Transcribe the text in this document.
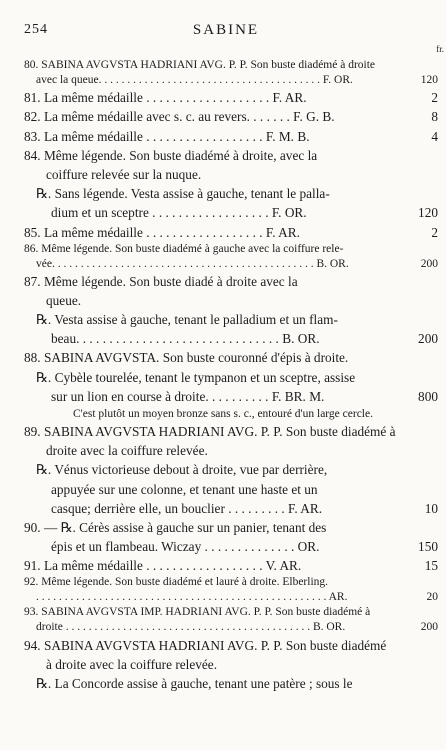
254	SABINE
fr.
80. SABINA AVGVSTA HADRIANI AVG. P. P. Son buste diadémé à droite
avec la queue. . . . . . . . . . . . . . . . . . . . . . . . . . . . . . . . . . . . . . . F. OR.	120
81. La même médaille . . . . . . . . . . . . . . . . . . . F. AR.	2
82. La même médaille avec s. c. au revers. . . . . . . F. G. B.	8
83. La même médaille . . . . . . . . . . . . . . . . . . F. M. B.	4
84. Même légende. Son buste diadémé à droite, avec la
coiffure relevée sur la nuque.
℞. Sans légende. Vesta assise à gauche, tenant le palla-
dium et un sceptre . . . . . . . . . . . . . . . . . . F. OR.	120
85. La même médaille . . . . . . . . . . . . . . . . . . F. AR.	2
86. Même légende. Son buste diadémé à gauche avec la coiffure rele-
vée. . . . . . . . . . . . . . . . . . . . . . . . . . . . . . . . . . . . . . . . . . . . . . B. OR.	200
87. Même légende. Son buste diadé à droite avec la
queue.
℞. Vesta assise à gauche, tenant le palladium et un flam-
beau. . . . . . . . . . . . . . . . . . . . . . . . . . . . . . . B. OR.	200
88. SABINA AVGVSTA. Son buste couronné d'épis à droite.
℞. Cybèle tourelée, tenant le tympanon et un sceptre, assise
sur un lion en course à droite. . . . . . . . . . F. BR. M.	800
C'est plutôt un moyen bronze sans s. c., entouré d'un large cercle.
89. SABINA AVGVSTA HADRIANI AVG. P. P. Son buste diadémé à
droite avec la coiffure relevée.
℞. Vénus victorieuse debout à droite, vue par derrière,
appuyée sur une colonne, et tenant une haste et un
casque; derrière elle, un bouclier . . . . . . . . . F. AR.	10
90. — ℞. Cérès assise à gauche sur un panier, tenant des
épis et un flambeau. Wiczay . . . . . . . . . . . . . . OR.	150
91. La même médaille . . . . . . . . . . . . . . . . . . V. AR.	15
92. Même légende. Son buste diadémé et lauré à droite. Elberling.
. . . . . . . . . . . . . . . . . . . . . . . . . . . . . . . . . . . . . . . . . . . . . . . . . . . AR.	20
93. SABINA AVGVSTA IMP. HADRIANI AVG. P. P. Son buste diadémé à
droite . . . . . . . . . . . . . . . . . . . . . . . . . . . . . . . . . . . . . . . . . . . B. OR.	200
94. SABINA AVGVSTA HADRIANI AVG. P. P. Son buste diadémé
à droite avec la coiffure relevée.
℞. La Concorde assise à gauche, tenant une patère ; sous le
